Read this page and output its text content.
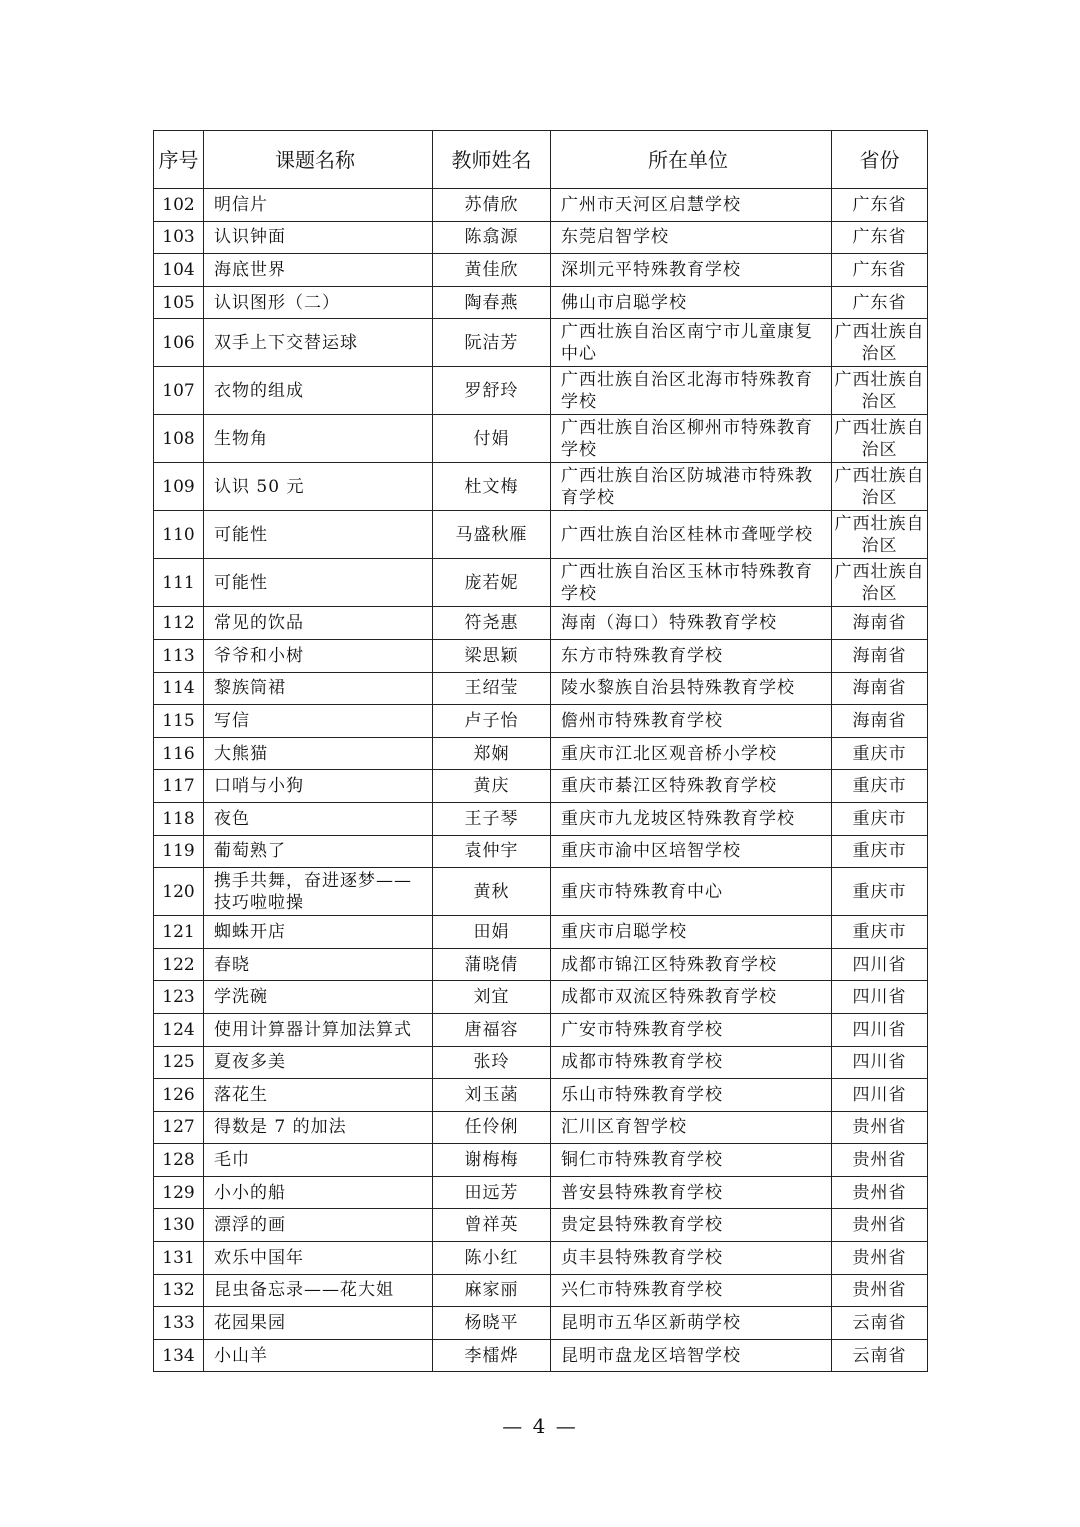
序号	课题名称	教师姓名	所在单位	省份
102	明信片	苏倩欣	广州市天河区启慧学校	广东省
103	认识钟面	陈翕源	东莞启智学校	广东省
104	海底世界	黄佳欣	深圳元平特殊教育学校	广东省
105	认识图形（二）	陶春燕	佛山市启聪学校	广东省
106	双手上下交替运球	阮洁芳	广西壮族自治区南宁市儿童康复中心	广西壮族自治区
107	衣物的组成	罗舒玲	广西壮族自治区北海市特殊教育学校	广西壮族自治区
108	生物角	付娟	广西壮族自治区柳州市特殊教育学校	广西壮族自治区
109	认识 50 元	杜文梅	广西壮族自治区防城港市特殊教育学校	广西壮族自治区
110	可能性	马盛秋雁	广西壮族自治区桂林市聋哑学校	广西壮族自治区
111	可能性	庞若妮	广西壮族自治区玉林市特殊教育学校	广西壮族自治区
112	常见的饮品	符尧惠	海南（海口）特殊教育学校	海南省
113	爷爷和小树	梁思颖	东方市特殊教育学校	海南省
114	黎族筒裙	王绍莹	陵水黎族自治县特殊教育学校	海南省
115	写信	卢子怡	儋州市特殊教育学校	海南省
116	大熊猫	郑娴	重庆市江北区观音桥小学校	重庆市
117	口哨与小狗	黄庆	重庆市綦江区特殊教育学校	重庆市
118	夜色	王子琴	重庆市九龙坡区特殊教育学校	重庆市
119	葡萄熟了	袁仲宇	重庆市渝中区培智学校	重庆市
120	携手共舞，奋进逐梦——技巧啦啦操	黄秋	重庆市特殊教育中心	重庆市
121	蜘蛛开店	田娟	重庆市启聪学校	重庆市
122	春晓	蒲晓倩	成都市锦江区特殊教育学校	四川省
123	学洗碗	刘宜	成都市双流区特殊教育学校	四川省
124	使用计算器计算加法算式	唐福容	广安市特殊教育学校	四川省
125	夏夜多美	张玲	成都市特殊教育学校	四川省
126	落花生	刘玉菡	乐山市特殊教育学校	四川省
127	得数是 7 的加法	任伶俐	汇川区育智学校	贵州省
128	毛巾	谢梅梅	铜仁市特殊教育学校	贵州省
129	小小的船	田远芳	普安县特殊教育学校	贵州省
130	漂浮的画	曾祥英	贵定县特殊教育学校	贵州省
131	欢乐中国年	陈小红	贞丰县特殊教育学校	贵州省
132	昆虫备忘录——花大姐	麻家丽	兴仁市特殊教育学校	贵州省
133	花园果园	杨晓平	昆明市五华区新萌学校	云南省
134	小山羊	李檑烨	昆明市盘龙区培智学校	云南省
— 4 —
